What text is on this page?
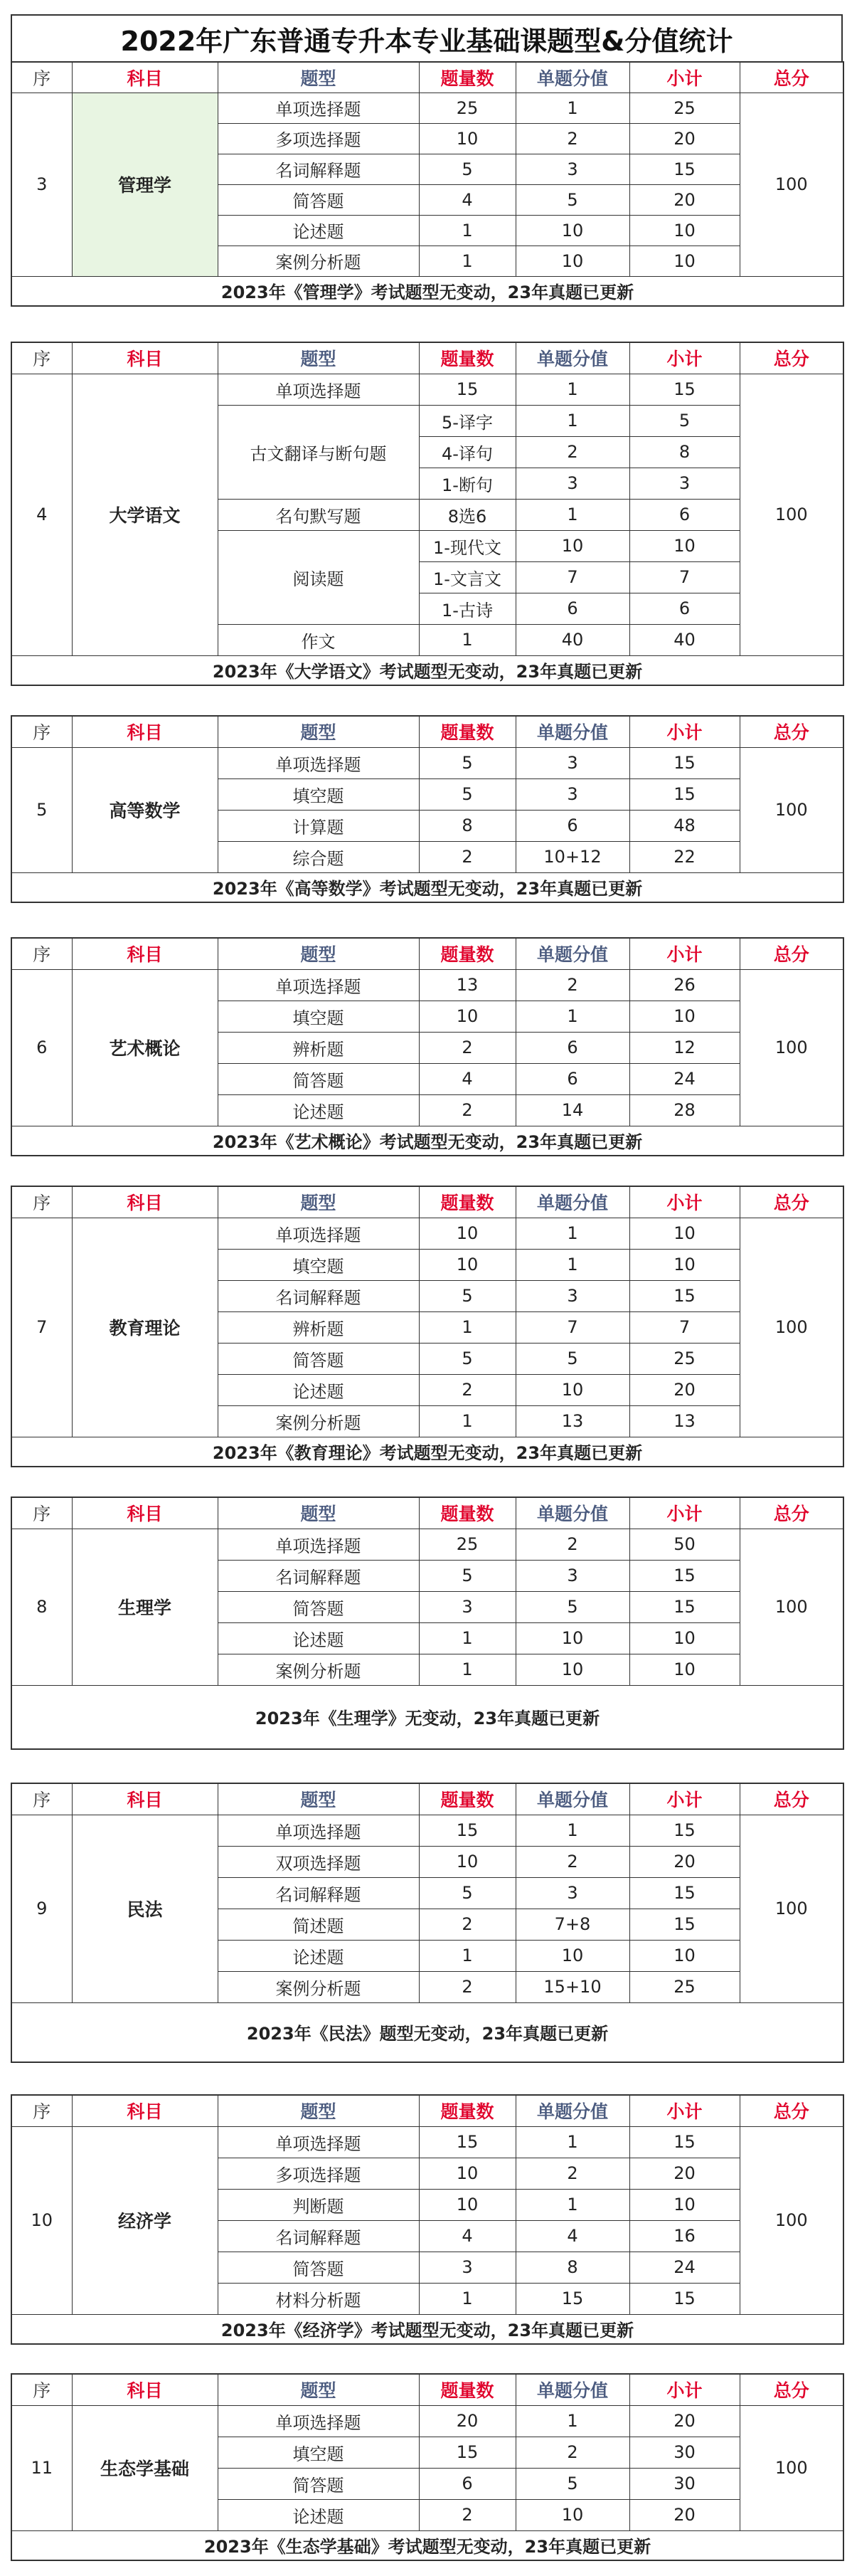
2022年广东普通专升本专业基础课题型&分值统计
序	科目	题型	题量数	单题分值	小计	总分
3	管理学	单项选择题	25	1	25	100
		多项选择题	10	2	20	
		名词解释题	5	3	15	
		简答题	4	5	20	
		论述题	1	10	10	
		案例分析题	1	10	10	
2023年《管理学》考试题型无变动，23年真题已更新						
序	科目	题型	题量数	单题分值	小计	总分
4	大学语文	单项选择题	15	1	15	100
		古文翻译与断句题	5-译字	1	5	
			4-译句	2	8	
			1-断句	3	3	
		名句默写题	8选6	1	6	
		阅读题	1-现代文	10	10	
			1-文言文	7	7	
			1-古诗	6	6	
		作文	1	40	40	
2023年《大学语文》考试题型无变动，23年真题已更新						
序	科目	题型	题量数	单题分值	小计	总分
5	高等数学	单项选择题	5	3	15	100
		填空题	5	3	15	
		计算题	8	6	48	
		综合题	2	10+12	22	
2023年《高等数学》考试题型无变动，23年真题已更新						
序	科目	题型	题量数	单题分值	小计	总分
6	艺术概论	单项选择题	13	2	26	100
		填空题	10	1	10	
		辨析题	2	6	12	
		简答题	4	6	24	
		论述题	2	14	28	
2023年《艺术概论》考试题型无变动，23年真题已更新						
序	科目	题型	题量数	单题分值	小计	总分
7	教育理论	单项选择题	10	1	10	100
		填空题	10	1	10	
		名词解释题	5	3	15	
		辨析题	1	7	7	
		简答题	5	5	25	
		论述题	2	10	20	
		案例分析题	1	13	13	
2023年《教育理论》考试题型无变动，23年真题已更新						
序	科目	题型	题量数	单题分值	小计	总分
8	生理学	单项选择题	25	2	50	100
		名词解释题	5	3	15	
		简答题	3	5	15	
		论述题	1	10	10	
		案例分析题	1	10	10	
2023年《生理学》无变动，23年真题已更新						
序	科目	题型	题量数	单题分值	小计	总分
9	民法	单项选择题	15	1	15	100
		双项选择题	10	2	20	
		名词解释题	5	3	15	
		简述题	2	7+8	15	
		论述题	1	10	10	
		案例分析题	2	15+10	25	
2023年《民法》题型无变动，23年真题已更新						
序	科目	题型	题量数	单题分值	小计	总分
10	经济学	单项选择题	15	1	15	100
		多项选择题	10	2	20	
		判断题	10	1	10	
		名词解释题	4	4	16	
		简答题	3	8	24	
		材料分析题	1	15	15	
2023年《经济学》考试题型无变动，23年真题已更新						
序	科目	题型	题量数	单题分值	小计	总分
11	生态学基础	单项选择题	20	1	20	100
		填空题	15	2	30	
		简答题	6	5	30	
		论述题	2	10	20	
2023年《生态学基础》考试题型无变动，23年真题已更新						
